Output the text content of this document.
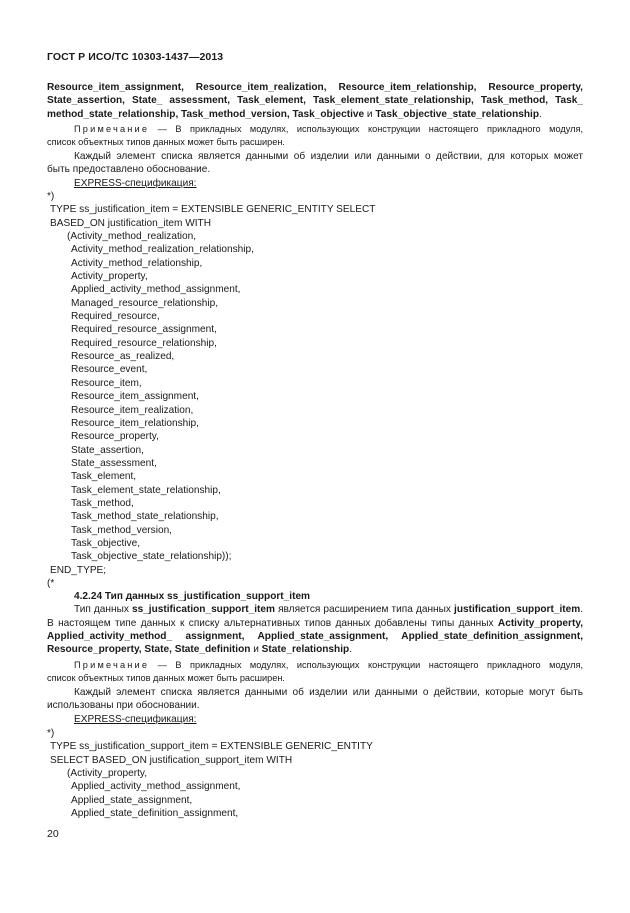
ГОСТ Р ИСО/ТС 10303-1437—2013
Resource_item_assignment, Resource_item_realization, Resource_item_relationship, Resource_property,
State_assertion, State_ assessment, Task_element, Task_element_state_relationship, Task_method, Task_
method_state_relationship, Task_method_version, Task_objective и Task_objective_state_relationship.
Примечание — В прикладных модулях, использующих конструкции настоящего прикладного модуля,
список объектных типов данных может быть расширен.
Каждый элемент списка является данными об изделии или данными о действии, для которых может
быть предоставлено обоснование.
EXPRESS-спецификация:
*)
TYPE ss_justification_item = EXTENSIBLE GENERIC_ENTITY SELECT
BASED_ON justification_item WITH
(Activity_method_realization,
Activity_method_realization_relationship,
Activity_method_relationship,
Activity_property,
Applied_activity_method_assignment,
Managed_resource_relationship,
Required_resource,
Required_resource_assignment,
Required_resource_relationship,
Resource_as_realized,
Resource_event,
Resource_item,
Resource_item_assignment,
Resource_item_realization,
Resource_item_relationship,
Resource_property,
State_assertion,
State_assessment,
Task_element,
Task_element_state_relationship,
Task_method,
Task_method_state_relationship,
Task_method_version,
Task_objective,
Task_objective_state_relationship));
END_TYPE;
(*
4.2.24 Тип данных ss_justification_support_item
Тип данных ss_justification_support_item является расширением типа данных justification_support_item.
В настоящем типе данных к списку альтернативных типов данных добавлены типы данных Activity_property,
Applied_activity_method_ assignment, Applied_state_assignment, Applied_state_definition_assignment,
Resource_property, State, State_definition и State_relationship.
Примечание — В прикладных модулях, использующих конструкции настоящего прикладного модуля,
список объектных типов данных может быть расширен.
Каждый элемент списка является данными об изделии или данными о действии, которые могут быть
использованы при обосновании.
EXPRESS-спецификация:
*)
TYPE ss_justification_support_item = EXTENSIBLE GENERIC_ENTITY
SELECT BASED_ON justification_support_item WITH
(Activity_property,
Applied_activity_method_assignment,
Applied_state_assignment,
Applied_state_definition_assignment,
20
